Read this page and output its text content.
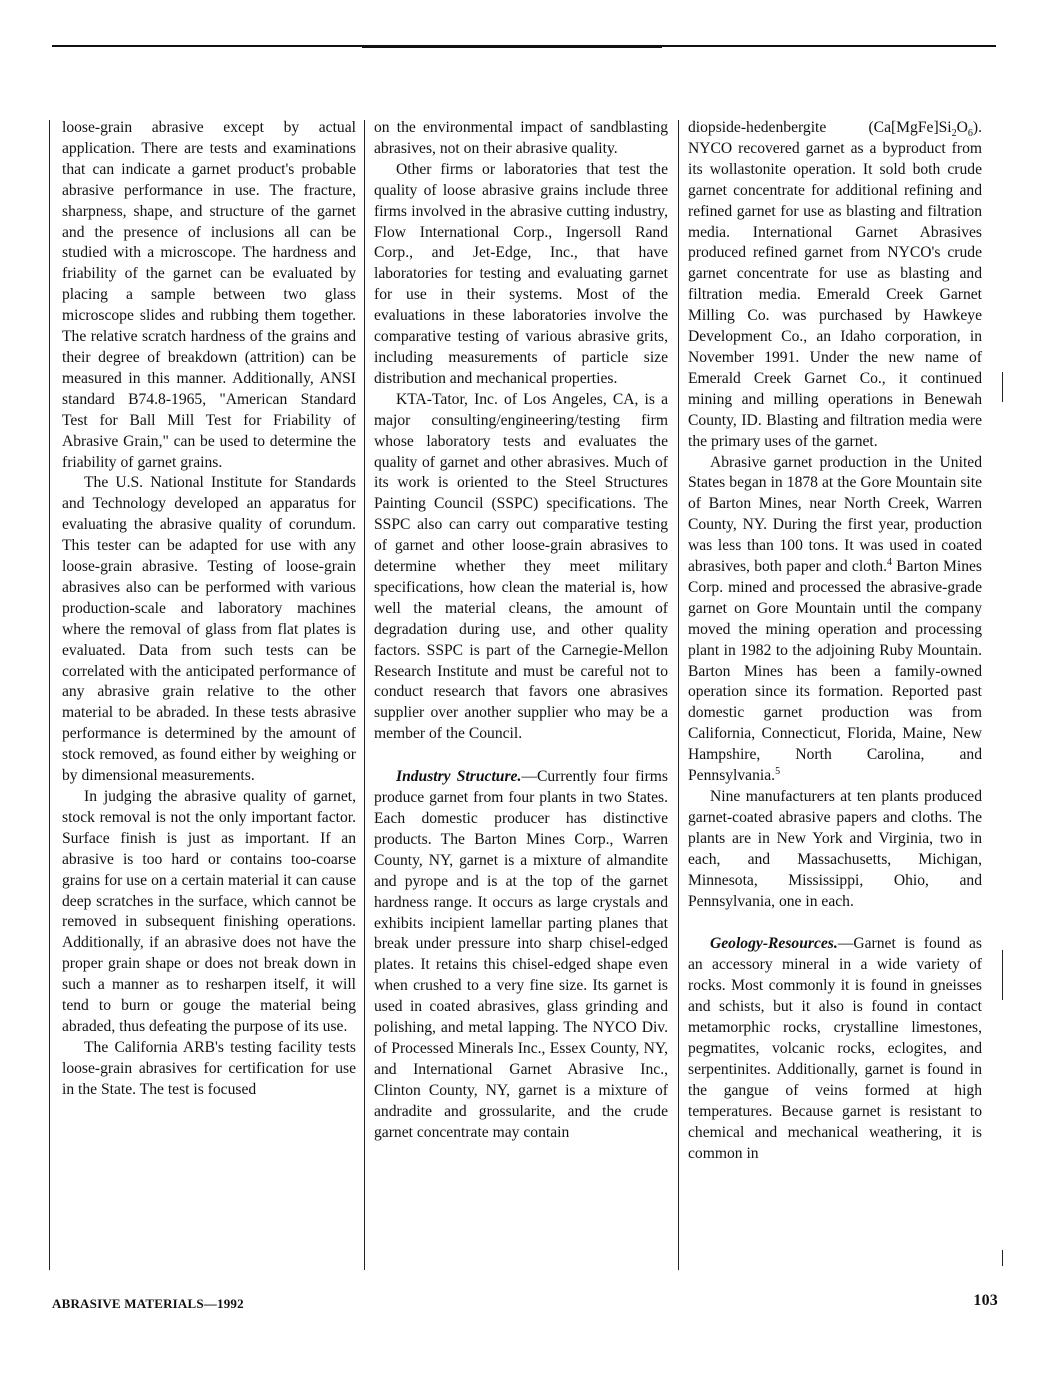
loose-grain abrasive except by actual application. There are tests and examinations that can indicate a garnet product's probable abrasive performance in use. The fracture, sharpness, shape, and structure of the garnet and the presence of inclusions all can be studied with a microscope. The hardness and friability of the garnet can be evaluated by placing a sample between two glass microscope slides and rubbing them together. The relative scratch hardness of the grains and their degree of breakdown (attrition) can be measured in this manner. Additionally, ANSI standard B74.8-1965, "American Standard Test for Ball Mill Test for Friability of Abrasive Grain," can be used to determine the friability of garnet grains.

The U.S. National Institute for Standards and Technology developed an apparatus for evaluating the abrasive quality of corundum. This tester can be adapted for use with any loose-grain abrasive. Testing of loose-grain abrasives also can be performed with various production-scale and laboratory machines where the removal of glass from flat plates is evaluated. Data from such tests can be correlated with the anticipated performance of any abrasive grain relative to the other material to be abraded. In these tests abrasive performance is determined by the amount of stock removed, as found either by weighing or by dimensional measurements.

In judging the abrasive quality of garnet, stock removal is not the only important factor. Surface finish is just as important. If an abrasive is too hard or contains too-coarse grains for use on a certain material it can cause deep scratches in the surface, which cannot be removed in subsequent finishing operations. Additionally, if an abrasive does not have the proper grain shape or does not break down in such a manner as to resharpen itself, it will tend to burn or gouge the material being abraded, thus defeating the purpose of its use.

The California ARB's testing facility tests loose-grain abrasives for certification for use in the State. The test is focused

on the environmental impact of sandblasting abrasives, not on their abrasive quality.

Other firms or laboratories that test the quality of loose abrasive grains include three firms involved in the abrasive cutting industry, Flow International Corp., Ingersoll Rand Corp., and Jet-Edge, Inc., that have laboratories for testing and evaluating garnet for use in their systems. Most of the evaluations in these laboratories involve the comparative testing of various abrasive grits, including measurements of particle size distribution and mechanical properties.

KTA-Tator, Inc. of Los Angeles, CA, is a major consulting/engineering/testing firm whose laboratory tests and evaluates the quality of garnet and other abrasives. Much of its work is oriented to the Steel Structures Painting Council (SSPC) specifications. The SSPC also can carry out comparative testing of garnet and other loose-grain abrasives to determine whether they meet military specifications, how clean the material is, how well the material cleans, the amount of degradation during use, and other quality factors. SSPC is part of the Carnegie-Mellon Research Institute and must be careful not to conduct research that favors one abrasives supplier over another supplier who may be a member of the Council.

Industry Structure.—Currently four firms produce garnet from four plants in two States. Each domestic producer has distinctive products. The Barton Mines Corp., Warren County, NY, garnet is a mixture of almandite and pyrope and is at the top of the garnet hardness range. It occurs as large crystals and exhibits incipient lamellar parting planes that break under pressure into sharp chisel-edged plates. It retains this chisel-edged shape even when crushed to a very fine size. Its garnet is used in coated abrasives, glass grinding and polishing, and metal lapping. The NYCO Div. of Processed Minerals Inc., Essex County, NY, and International Garnet Abrasive Inc., Clinton County, NY, garnet is a mixture of andradite and grossularite, and the crude garnet concentrate may contain

diopside-hedenbergite $(Ca[MgFe]Si_2O_6)$. NYCO recovered garnet as a byproduct from its wollastonite operation. It sold both crude garnet concentrate for additional refining and refined garnet for use as blasting and filtration media. International Garnet Abrasives produced refined garnet from NYCO's crude garnet concentrate for use as blasting and filtration media. Emerald Creek Garnet Milling Co. was purchased by Hawkeye Development Co., an Idaho corporation, in November 1991. Under the new name of Emerald Creek Garnet Co., it continued mining and milling operations in Benewah County, ID. Blasting and filtration media were the primary uses of the garnet.

Abrasive garnet production in the United States began in 1878 at the Gore Mountain site of Barton Mines, near North Creek, Warren County, NY. During the first year, production was less than 100 tons. It was used in coated abrasives, both paper and cloth.$^4$ Barton Mines Corp. mined and processed the abrasive-grade garnet on Gore Mountain until the company moved the mining operation and processing plant in 1982 to the adjoining Ruby Mountain. Barton Mines has been a family-owned operation since its formation. Reported past domestic garnet production was from California, Connecticut, Florida, Maine, New Hampshire, North Carolina, and Pennsylvania.$^5$

Nine manufacturers at ten plants produced garnet-coated abrasive papers and cloths. The plants are in New York and Virginia, two in each, and Massachusetts, Michigan, Minnesota, Mississippi, Ohio, and Pennsylvania, one in each.

Geology-Resources.—Garnet is found as an accessory mineral in a wide variety of rocks. Most commonly it is found in gneisses and schists, but it also is found in contact metamorphic rocks, crystalline limestones, pegmatites, volcanic rocks, eclogites, and serpentinites. Additionally, garnet is found in the gangue of veins formed at high temperatures. Because garnet is resistant to chemical and mechanical weathering, it is common in

ABRASIVE MATERIALS—1992	103
